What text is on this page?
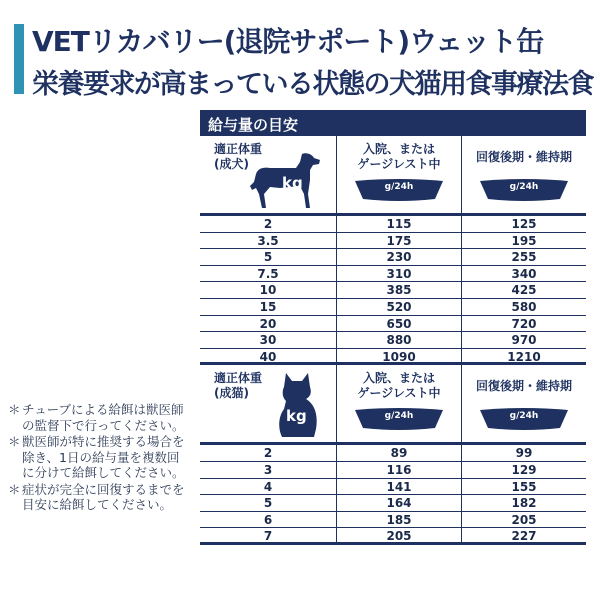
VETリカバリー(退院サポート)ウェット缶
栄養要求が高まっている状態の犬猫用食事療法食
給与量の目安
適正体重
(成犬)
kg
入院、または
ゲージレスト中
g/24h
回復後期・維持期
g/24h
2	115	125
3.5	175	195
5	230	255
7.5	310	340
10	385	425
15	520	580
20	650	720
30	880	970
40	1090	1210
適正体重
(成猫)
kg
入院、または
ゲージレスト中
g/24h
回復後期・維持期
g/24h
2	89	99
3	116	129
4	141	155
5	164	182
6	185	205
7	205	227
＊ チューブによる給餌は獣医師の監督下で行ってください。
＊ 獣医師が特に推奨する場合を除き、1日の給与量を複数回に分けて給餌してください。
＊ 症状が完全に回復するまでを目安に給餌してください。
